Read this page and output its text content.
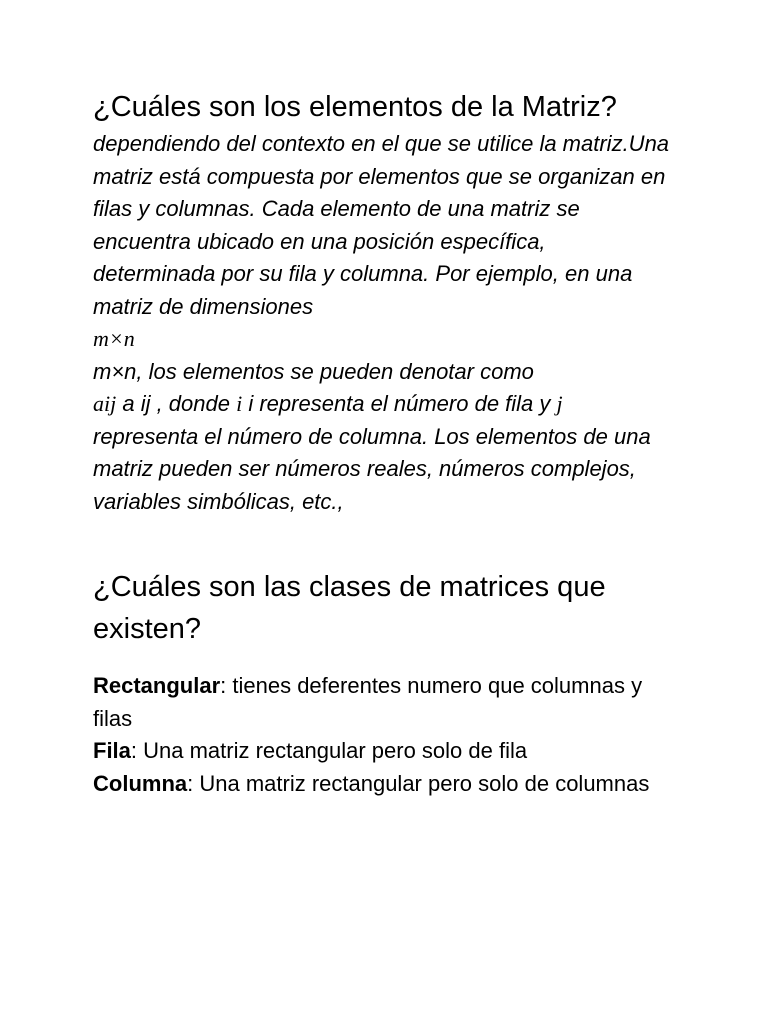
¿Cuáles son los elementos de la Matriz?
dependiendo del contexto en el que se utilice la matriz.Una matriz está compuesta por elementos que se organizan en filas y columnas. Cada elemento de una matriz se encuentra ubicado en una posición específica, determinada por su fila y columna. Por ejemplo, en una matriz de dimensiones
m×n
m×n, los elementos se pueden denotar como
aij a ij , donde i i representa el número de fila y j
representa el número de columna. Los elementos de una matriz pueden ser números reales, números complejos, variables simbólicas, etc.,
¿Cuáles son las clases de matrices que existen?

Rectangular: tienes deferentes numero que columnas y filas

Fila: Una matriz rectangular pero solo de fila

Columna: Una matriz rectangular pero solo de columnas
